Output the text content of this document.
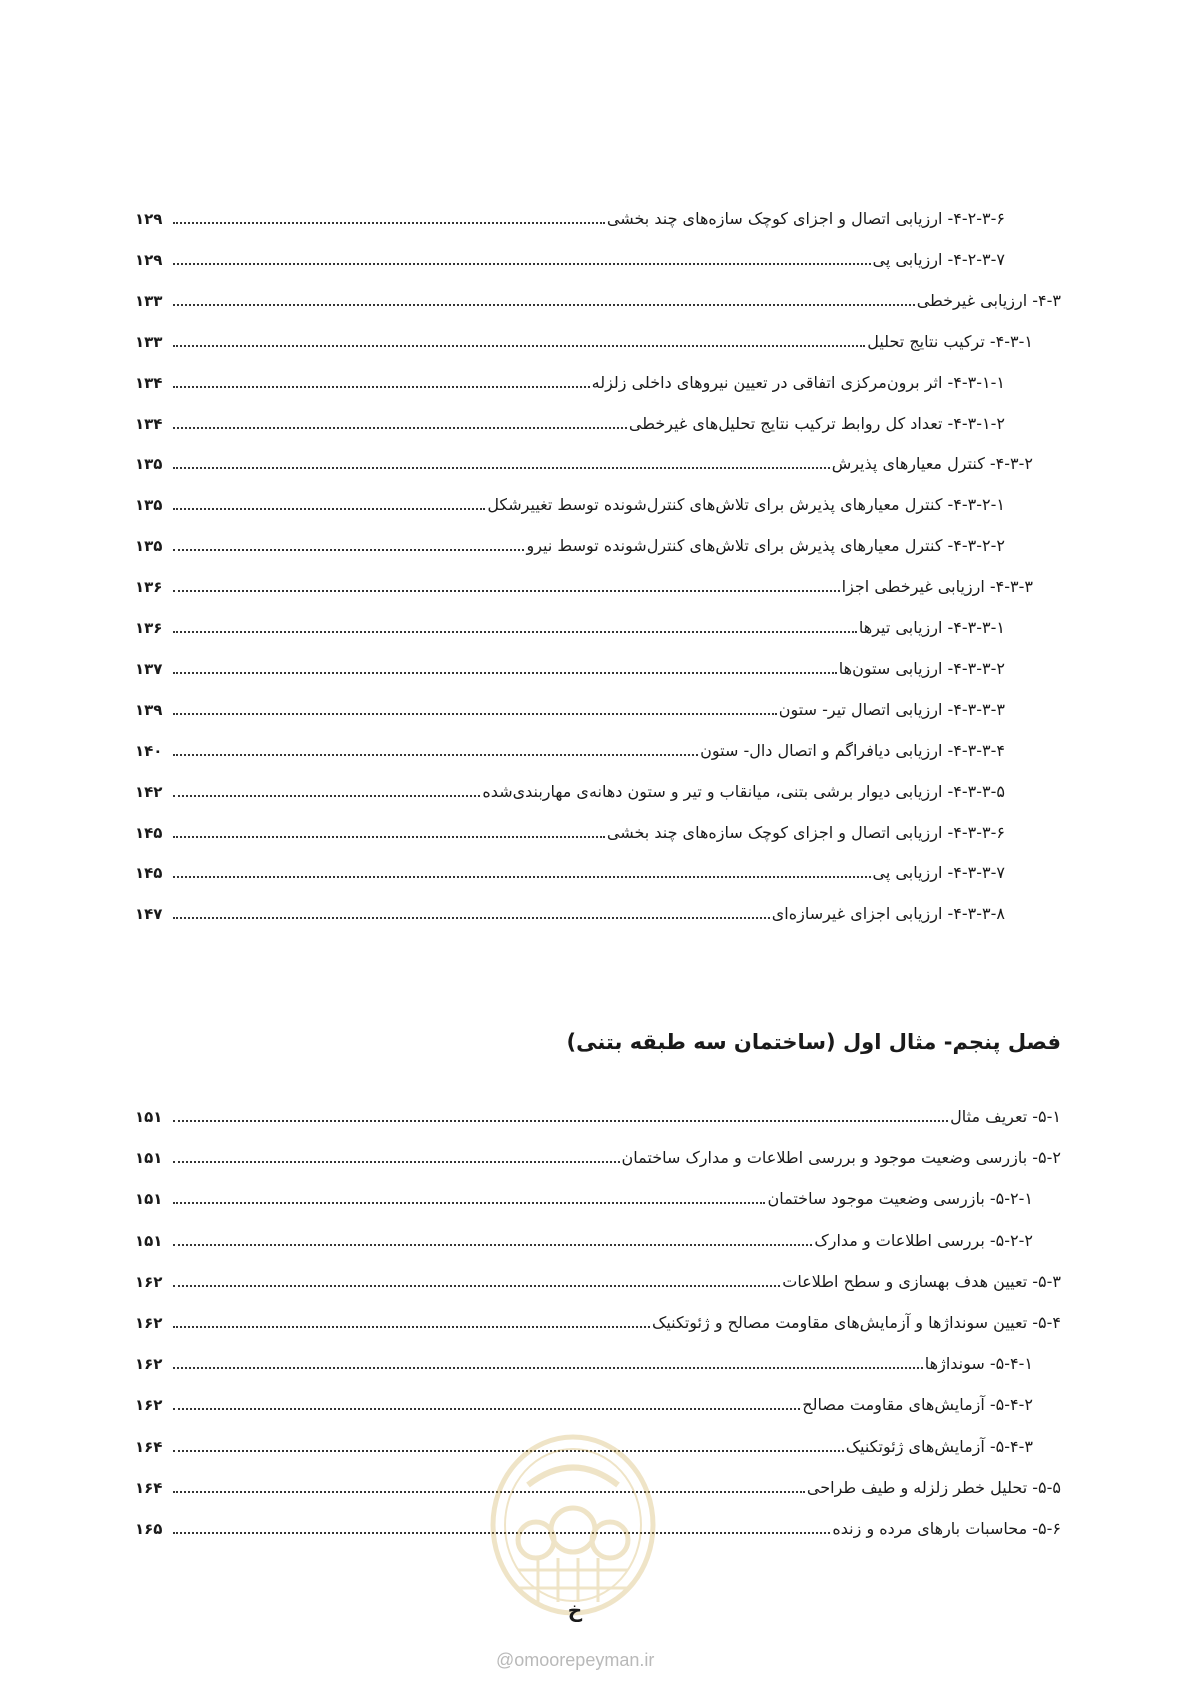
۴-۲-۳-۶- ارزیابی اتصال و اجزای کوچک سازه‌های چند بخشی
۱۲۹
۴-۲-۳-۷- ارزیابی پی
۱۲۹
۴-۳- ارزیابی غیرخطی
۱۳۳
۴-۳-۱- ترکیب نتایج تحلیل
۱۳۳
۴-۳-۱-۱- اثر برون‌مرکزی اتفاقی در تعیین نیروهای داخلی زلزله
۱۳۴
۴-۳-۱-۲- تعداد کل روابط ترکیب نتایج تحلیل‌های غیرخطی
۱۳۴
۴-۳-۲- کنترل معیارهای پذیرش
۱۳۵
۴-۳-۲-۱- کنترل معیارهای پذیرش برای تلاش‌های کنترل‌شونده توسط تغییرشکل
۱۳۵
۴-۳-۲-۲- کنترل معیارهای پذیرش برای تلاش‌های کنترل‌شونده توسط نیرو
۱۳۵
۴-۳-۳- ارزیابی غیرخطی اجزا
۱۳۶
۴-۳-۳-۱- ارزیابی تیرها
۱۳۶
۴-۳-۳-۲- ارزیابی ستون‌ها
۱۳۷
۴-۳-۳-۳- ارزیابی اتصال تیر- ستون
۱۳۹
۴-۳-۳-۴- ارزیابی دیافراگم و اتصال دال- ستون
۱۴۰
۴-۳-۳-۵- ارزیابی دیوار برشی بتنی، میانقاب و تیر و ستون دهانه‌ی مهاربندی‌شده
۱۴۲
۴-۳-۳-۶- ارزیابی اتصال و اجزای کوچک سازه‌های چند بخشی
۱۴۵
۴-۳-۳-۷- ارزیابی پی
۱۴۵
۴-۳-۳-۸- ارزیابی اجزای غیرسازه‌ای
۱۴۷
فصل پنجم- مثال اول (ساختمان سه طبقه بتنی)
۵-۱- تعریف مثال
۱۵۱
۵-۲- بازرسی وضعیت موجود و بررسی اطلاعات و مدارک ساختمان
۱۵۱
۵-۲-۱- بازرسی وضعیت موجود ساختمان
۱۵۱
۵-۲-۲- بررسی اطلاعات و مدارک
۱۵۱
۵-۳- تعیین هدف بهسازی و سطح اطلاعات
۱۶۲
۵-۴- تعیین سونداژها و آزمایش‌های مقاومت مصالح و ژئوتکنیک
۱۶۲
۵-۴-۱- سونداژها
۱۶۲
۵-۴-۲- آزمایش‌های مقاومت مصالح
۱۶۲
۵-۴-۳- آزمایش‌های ژئوتکنیک
۱۶۴
۵-۵- تحلیل خطر زلزله و طیف طراحی
۱۶۴
۵-۶- محاسبات بارهای مرده و زنده
۱۶۵
خ
@omoorepeyman.ir
